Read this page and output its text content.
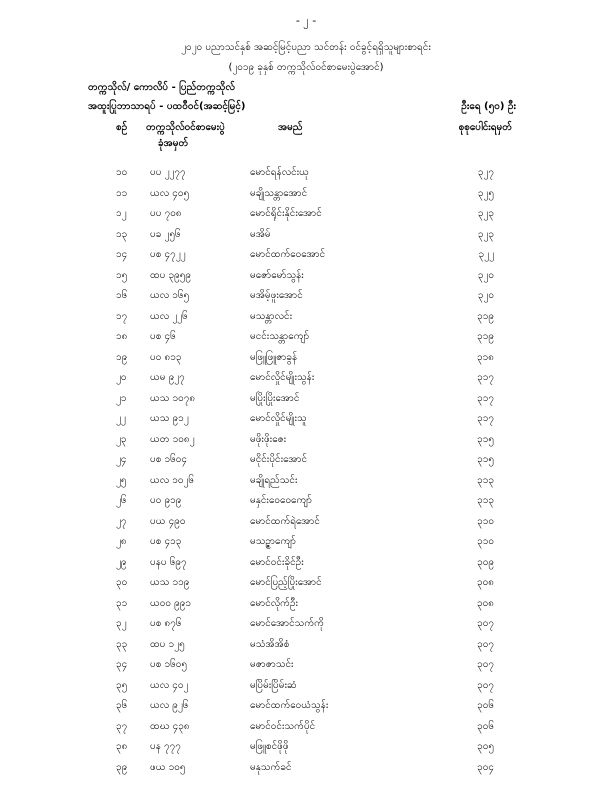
- ၂ -
၂၀၂၀ ပညာသင်နှစ် အဆင့်မြင့်ပညာ သင်တန်း ဝင်ခွင့်ရရှိသူများစာရင်း
(၂၀၁၉ ခုနှစ် တက္ကသိုလ်ဝင်စာမေးပွဲအောင်)
တက္ကသိုလ်/ ကောလိပ် - ပြည်တက္ကသိုလ်
အထူးပြုဘာသာရပ် - ပထဝီဝင်(အဆင့်မြင့်)	ဦးရေ (၅၀) ဦး
စဉ် တက္ကသိုလ်ဝင်စာမေးပွဲ
ခုံအမှတ်
အမည်	စုစုပေါင်းရမှတ်
၁၀ ပပ ၂၂၇၇	မောင်ရန်လင်းယု	၃၂၇
၁၁ ယလ ၄၀၅	မချိုသန္တာအောင်	၃၂၅
၁၂ ပပ ၇၀၈	မောင်ရိုင်းနိုင်းအောင်	၃၂၃
၁၃ ပခ ၂၅၆	မအိမ်	၃၂၃
၁၄ ပစ ၄၇၂၂	မောင်ထက်ဝေအောင်	၃၂၂
၁၅ ထပ ၃၉၅၉	မဇော်မော်သွန်း	၃၂၀
၁၆ ယလ ၁၆၅	မအိမ့်ဖူးအောင်	၃၂၀
၁၇ ယလ ၂၂၆	မသန္တာလင်း	၃၁၉
၁၈ ပစ ၄၆	မငင်းသန္တာကျော်	၃၁၉
၁၉ ပဝ ၈၁၃	မဖြူဖြူဇာခွန်	၃၁၈
၂၀ ယမ ၉၂၇	မောင်လှိုင်မျိုးသွန်း	၃၁၇
၂၁ ယသ ၁၀၇၈	မပြိုးပြိုးအောင်	၃၁၇
၂၂ ယသ ၉၁၂	မောင်လှိုင်မျိုးသူ	၃၁၇
၂၃ ယတ ၁၀၈၂	မဖိုးဖိုးဇေး	၃၁၅
၂၄ ပစ ၁၆၀၄	မငိုင်းပိုင်းအောင်	၃၁၅
၂၅ ယလ ၁၀၂၆	မချိုရည်သင်း	၃၁၃
၂၆ ပဝ ၉၁၉	မနှင်းဝေဝေကျော်	၃၁၃
၂၇ ပယ ၄၉၀	မောင်ထက်ရဲအောင်	၃၁၀
၂၈ ပစ ၄၁၃	မသဉ္ဇာကျော်	၃၁၀
၂၉ ပနပ ၆၉၇	မောင်ဝင်းခိုင်ဦး	၃၀၉
၃၀ ယသ ၁၁၉	မောင်ပြည့်ပြိုးအောင်	၃၀၈
၃၁ ယဝဝ ၉၉၁	မောင်လိုက်ဦး	၃၀၈
၃၂ ပစ ၈၇၆	မောင်အောင်သက်ကို	၃၀၇
၃၃ ထပ ၁၂၅	မသံအိအိစံ	၃၀၇
၃၄ ပစ ၁၆၀၅	မဇာဇာသင်း	၃၀၇
၃၅ ယလ ၄၀၂	မပြိမ်းပြိမ်းဆံ	၃၀၇
၃၆ ယလ ၉၂၆	မောင်ထက်ဝေယံသွန်း	၃၀၆
၃၇ ထဃ ၄၃၈	မောင်ဝင်းသက်ပိုင်	၃၀၆
၃၈ ပန ၇၇၇	မဖြူစင်ဖိုဖို	၃၀၅
၃၉ ဖယ ၁၀၅	မနုသက်ခင်	၃၀၄
